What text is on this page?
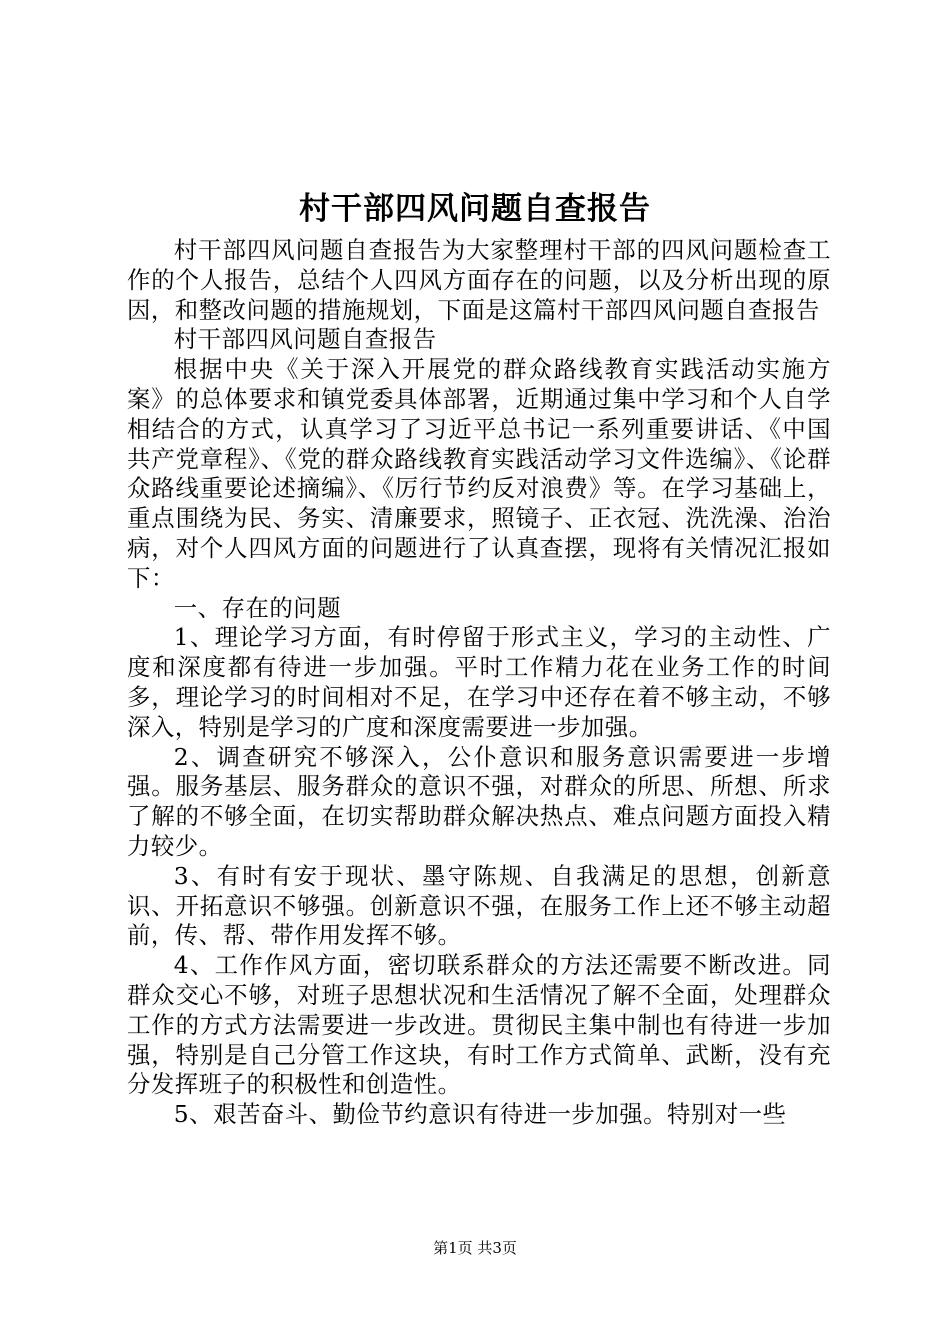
村干部四风问题自查报告

村干部四风问题自查报告为大家整理村干部的四风问题检查工作的个人报告，总结个人四风方面存在的问题，以及分析出现的原因，和整改问题的措施规划，下面是这篇村干部四风问题自查报告

村干部四风问题自查报告

根据中央《关于深入开展党的群众路线教育实践活动实施方案》的总体要求和镇党委具体部署，近期通过集中学习和个人自学相结合的方式，认真学习了习近平总书记一系列重要讲话、《中国共产党章程》、《党的群众路线教育实践活动学习文件选编》、《论群众路线重要论述摘编》、《厉行节约反对浪费》等。在学习基础上，重点围绕为民、务实、清廉要求，照镜子、正衣冠、洗洗澡、治治病，对个人四风方面的问题进行了认真查摆，现将有关情况汇报如下：

一、存在的问题

1、理论学习方面，有时停留于形式主义，学习的主动性、广度和深度都有待进一步加强。平时工作精力花在业务工作的时间多，理论学习的时间相对不足，在学习中还存在着不够主动，不够深入，特别是学习的广度和深度需要进一步加强。

2、调查研究不够深入，公仆意识和服务意识需要进一步增强。服务基层、服务群众的意识不强，对群众的所思、所想、所求了解的不够全面，在切实帮助群众解决热点、难点问题方面投入精力较少。

3、有时有安于现状、墨守陈规、自我满足的思想，创新意识、开拓意识不够强。创新意识不强，在服务工作上还不够主动超前，传、帮、带作用发挥不够。

4、工作作风方面，密切联系群众的方法还需要不断改进。同群众交心不够，对班子思想状况和生活情况了解不全面，处理群众工作的方式方法需要进一步改进。贯彻民主集中制也有待进一步加强，特别是自己分管工作这块，有时工作方式简单、武断，没有充分发挥班子的积极性和创造性。

5、艰苦奋斗、勤俭节约意识有待进一步加强。特别对一些

第1页 共3页
